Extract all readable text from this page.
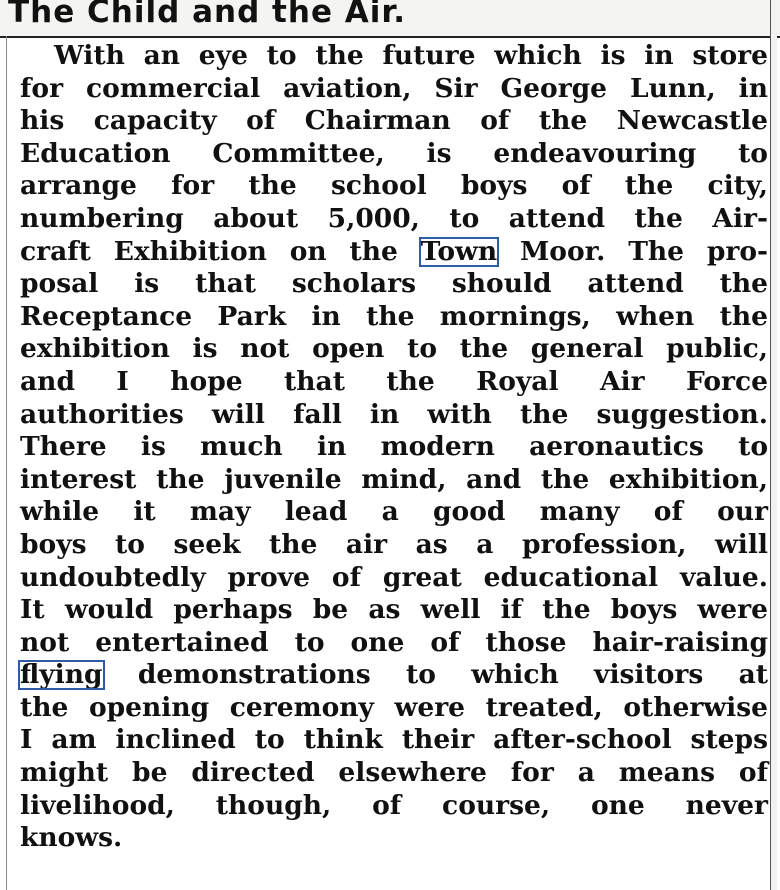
The Child and the Air.
With an eye to the future which is in store
for commercial aviation, Sir George Lunn, in
his capacity of Chairman of the Newcastle
Education Committee, is endeavouring to
arrange for the school boys of the city,
numbering about 5,000, to attend the Air-
craft Exhibition on the Town Moor. The pro-
posal is that scholars should attend the
Receptance Park in the mornings, when the
exhibition is not open to the general public,
and I hope that the Royal Air Force
authorities will fall in with the suggestion.
There is much in modern aeronautics to
interest the juvenile mind, and the exhibition,
while it may lead a good many of our
boys to seek the air as a profession, will
undoubtedly prove of great educational value.
It would perhaps be as well if the boys were
not entertained to one of those hair-raising
flying demonstrations to which visitors at
the opening ceremony were treated, otherwise
I am inclined to think their after-school steps
might be directed elsewhere for a means of
livelihood, though, of course, one never
knows.
